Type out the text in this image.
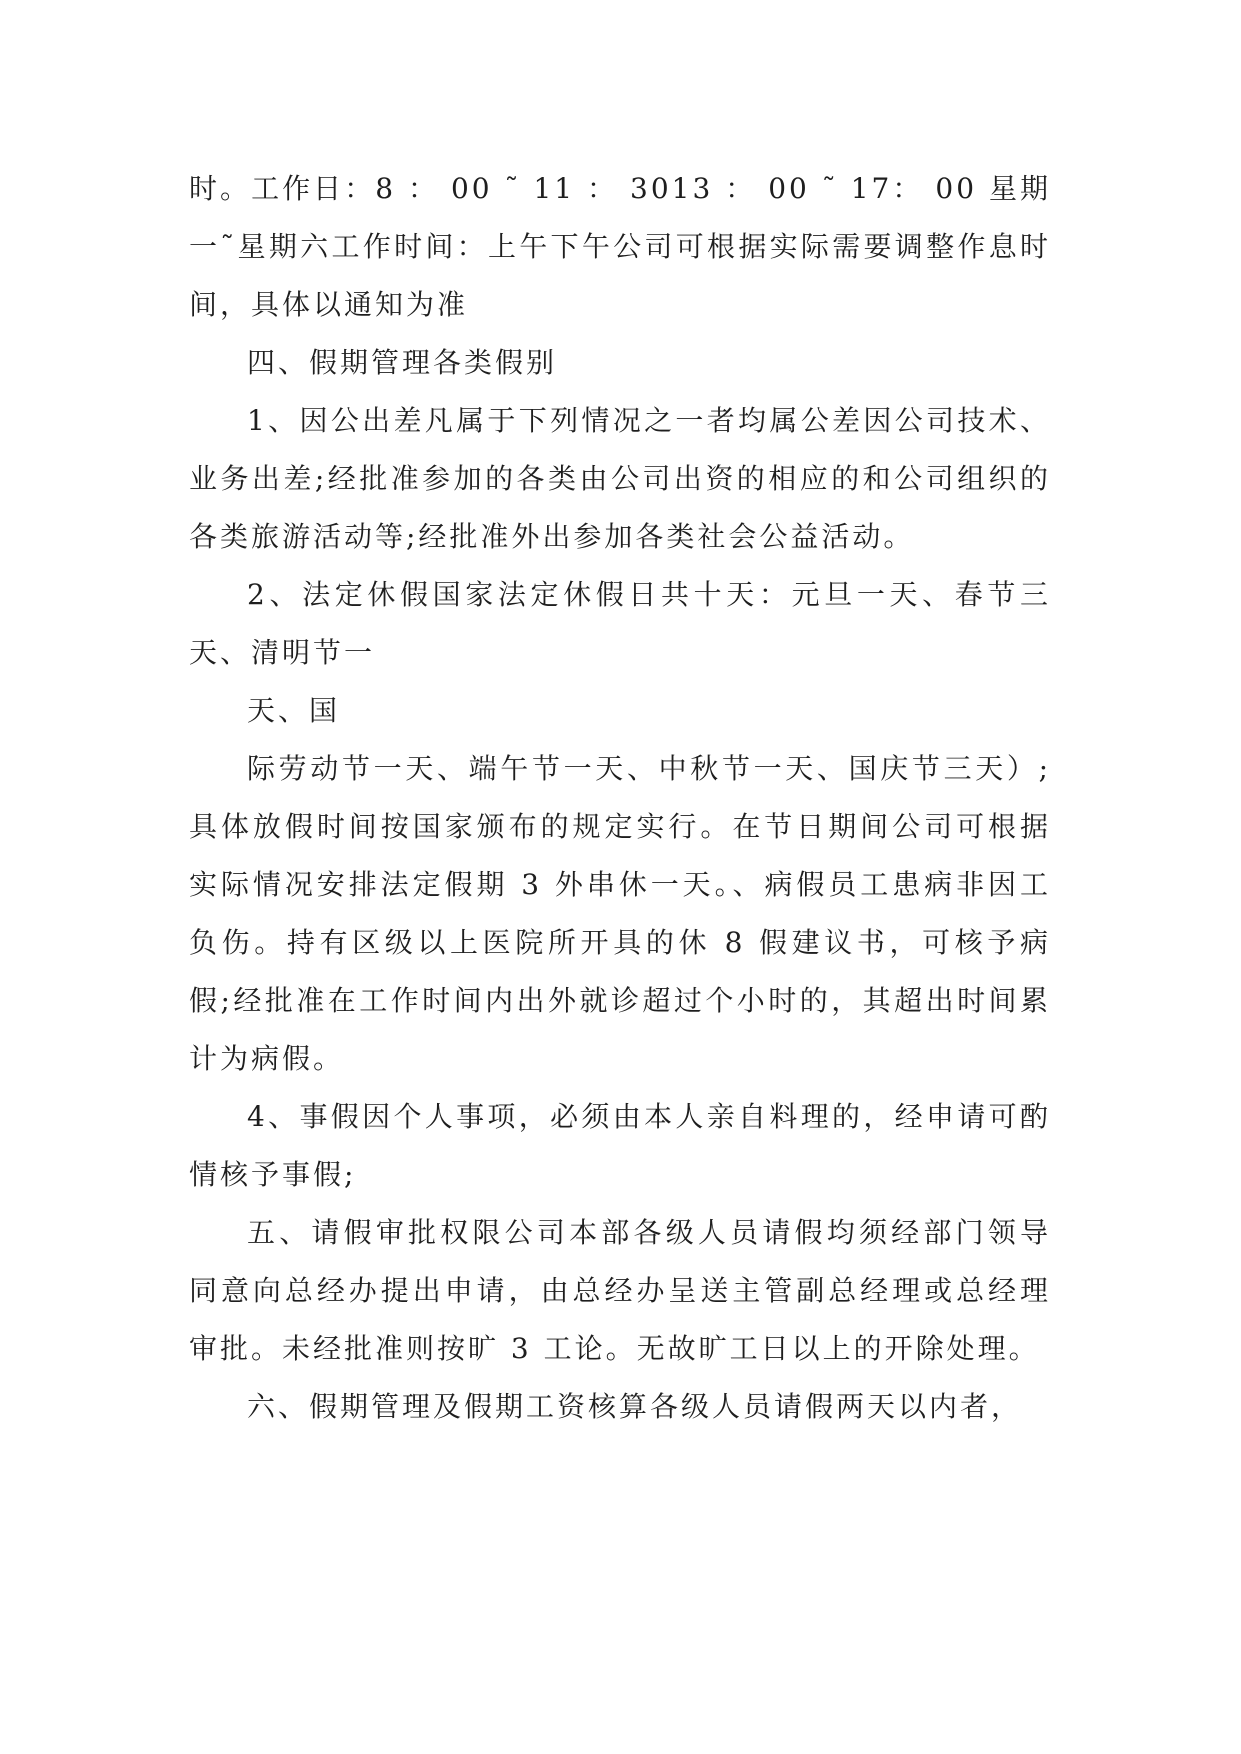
时。工作日：8 ： 00 ˜ 11 ： 3013 ： 00 ˜ 17： 00 星期一˜星期六工作时间：上午下午公司可根据实际需要调整作息时间，具体以通知为准

四、假期管理各类假别

1、因公出差凡属于下列情况之一者均属公差因公司技术、业务出差;经批准参加的各类由公司出资的相应的和公司组织的各类旅游活动等;经批准外出参加各类社会公益活动。

2、法定休假国家法定休假日共十天：元旦一天、春节三天、清明节一

天、国

际劳动节一天、端午节一天、中秋节一天、国庆节三天）;具体放假时间按国家颁布的规定实行。在节日期间公司可根据实际情况安排法定假期 3 外串休一天。、病假员工患病非因工负伤。持有区级以上医院所开具的休 8 假建议书，可核予病假;经批准在工作时间内出外就诊超过个小时的，其超出时间累计为病假。

4、事假因个人事项，必须由本人亲自料理的，经申请可酌情核予事假;

五、请假审批权限公司本部各级人员请假均须经部门领导同意向总经办提出申请，由总经办呈送主管副总经理或总经理审批。未经批准则按旷 3 工论。无故旷工日以上的开除处理。

六、假期管理及假期工资核算各级人员请假两天以内者，
